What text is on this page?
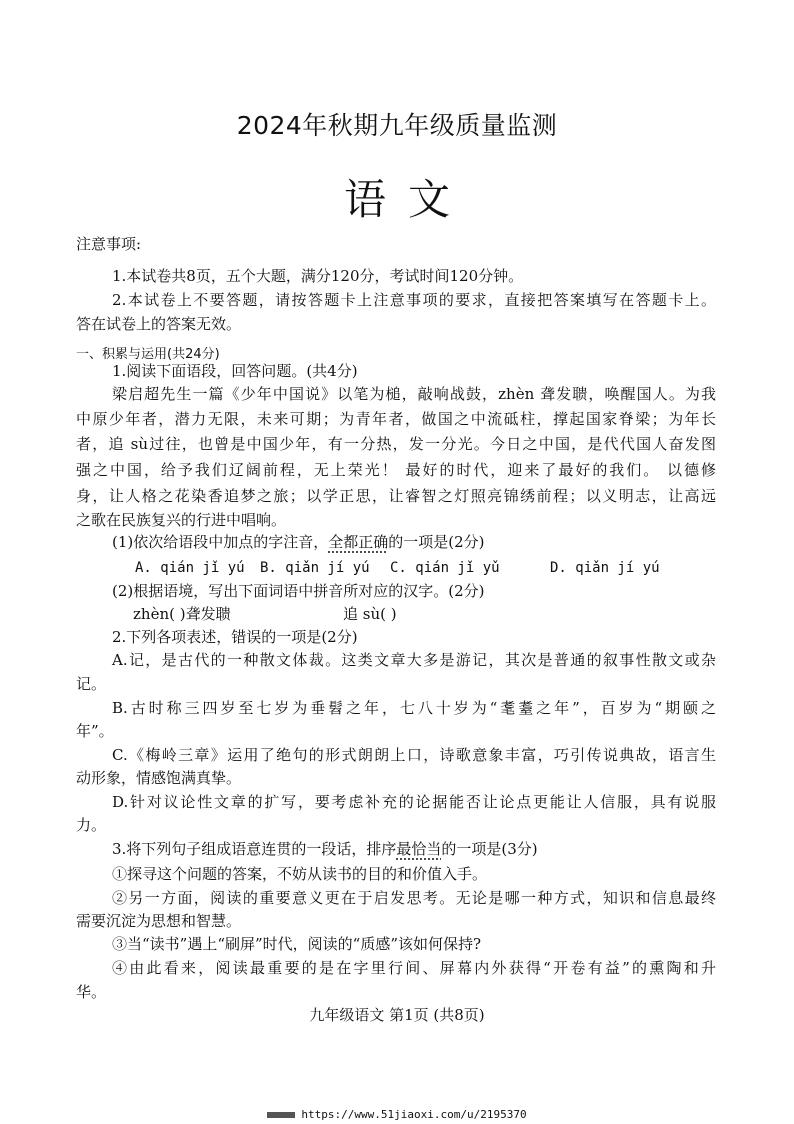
2024年秋期九年级质量监测
语文
注意事项:
1.本试卷共8页，五个大题，满分120分，考试时间120分钟。
2.本试卷上不要答题，请按答题卡上注意事项的要求，直接把答案填写在答题卡上。
答在试卷上的答案无效。
一、积累与运用(共24分)
1.阅读下面语段，回答问题。(共4分)
梁启超先生一篇《少年中国说》以笔为槌，敲响战鼓，zhèn 聋发聩，唤醒国人。为我
中原少年者，潜力无限，未来可期；为青年者，做国之中流砥柱，撑起国家脊梁；为年长
者，追 sù过往，也曾是中国少年，有一分热，发一分光。今日之中国，是代代国人奋发图
强之中国，给予我们辽阔前程，无上荣光！ 最好的时代，迎来了最好的我们。 以德修
身，让人格之花染香追梦之旅；以学正思，让睿智之灯照亮锦绣前程；以义明志，让高远
之歌在民族复兴的行进中唱响。
(1)依次给语段中加点的字注音，全都正确的一项是(2分)
A. qián jǐ yú B. qiǎn jí yú C. qián jǐ yǔ	D. qiǎn jí yú
(2)根据语境，写出下面词语中拼音所对应的汉字。(2分)
zhèn( )聋发聩	追 sù( )
2.下列各项表述，错误的一项是(2分)
A.记，是古代的一种散文体裁。这类文章大多是游记，其次是普通的叙事性散文或杂
记。
B.古时称三四岁至七岁为垂髫之年，七八十岁为“耄耋之年”，百岁为“期颐之
年”。
C.《梅岭三章》运用了绝句的形式朗朗上口，诗歌意象丰富，巧引传说典故，语言生
动形象，情感饱满真挚。
D.针对议论性文章的扩写，要考虑补充的论据能否让论点更能让人信服，具有说服
力。
3.将下列句子组成语意连贯的一段话，排序最恰当的一项是(3分)
①探寻这个问题的答案，不妨从读书的目的和价值入手。
②另一方面，阅读的重要意义更在于启发思考。无论是哪一种方式，知识和信息最终
需要沉淀为思想和智慧。
③当“读书”遇上“刷屏”时代，阅读的“质感”该如何保持?
④由此看来，阅读最重要的是在字里行间、屏幕内外获得“开卷有益”的熏陶和升
华。
九年级语文 第1页 (共8页)
https://www.51jiaoxi.com/u/2195370
